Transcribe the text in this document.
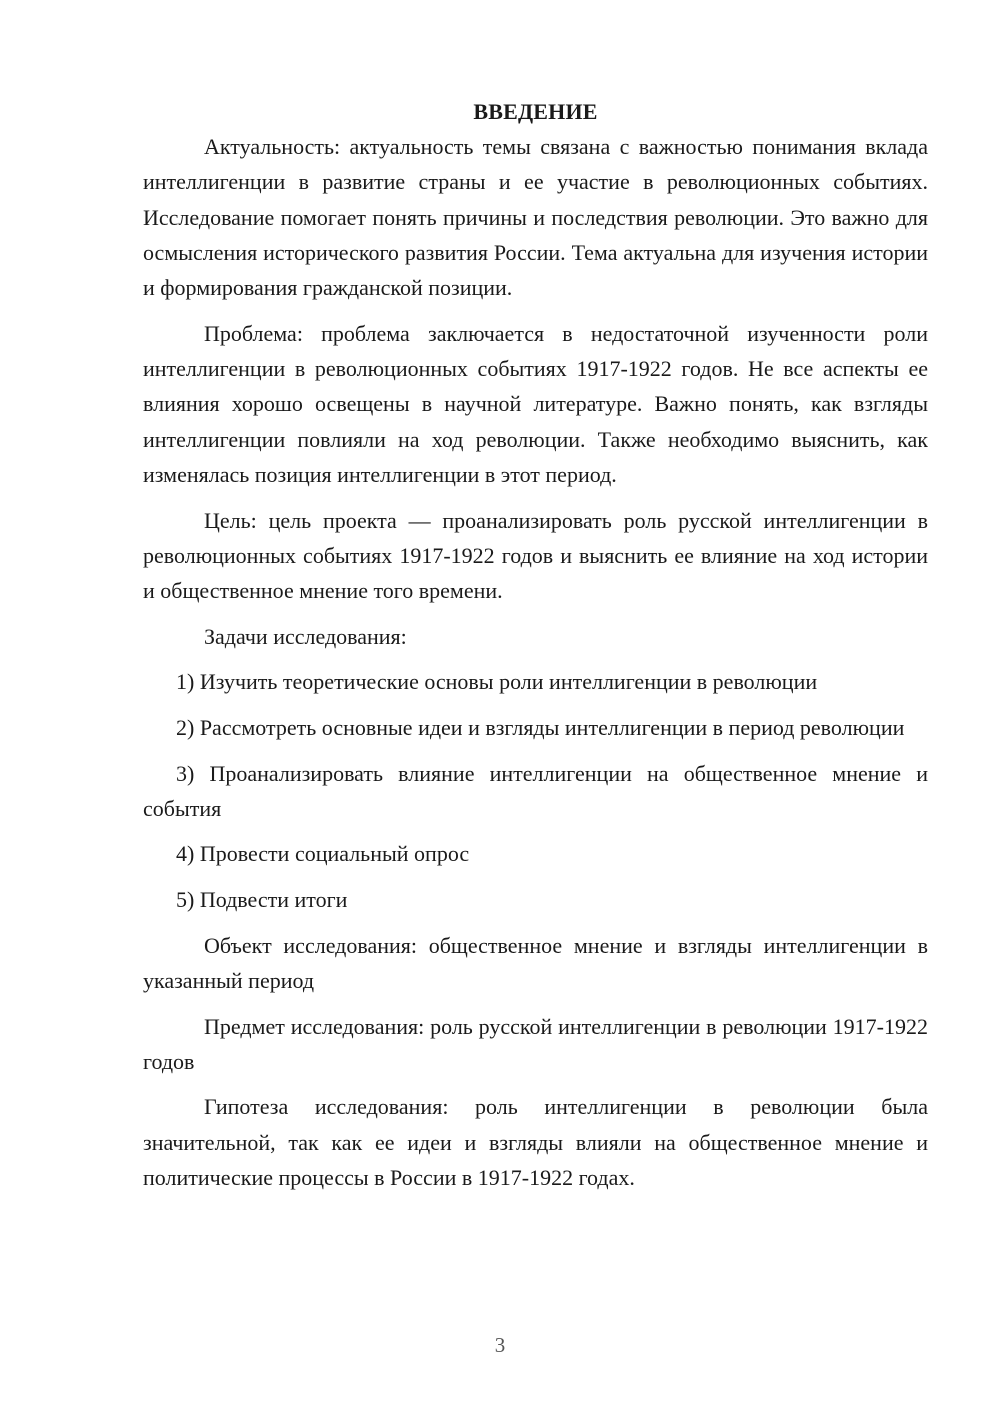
ВВЕДЕНИЕ

Актуальность: актуальность темы связана с важностью понимания вклада интеллигенции в развитие страны и ее участие в революционных событиях. Исследование помогает понять причины и последствия революции. Это важно для осмысления исторического развития России. Тема актуальна для изучения истории и формирования гражданской позиции.

Проблема: проблема заключается в недостаточной изученности роли интеллигенции в революционных событиях 1917-1922 годов. Не все аспекты ее влияния хорошо освещены в научной литературе. Важно понять, как взгляды интеллигенции повлияли на ход революции. Также необходимо выяснить, как изменялась позиция интеллигенции в этот период.

Цель: цель проекта — проанализировать роль русской интеллигенции в революционных событиях 1917-1922 годов и выяснить ее влияние на ход истории и общественное мнение того времени.

Задачи исследования:

1) Изучить теоретические основы роли интеллигенции в революции

2) Рассмотреть основные идеи и взгляды интеллигенции в период революции

3) Проанализировать влияние интеллигенции на общественное мнение и события

4) Провести социальный опрос

5) Подвести итоги

Объект исследования: общественное мнение и взгляды интеллигенции в указанный период

Предмет исследования: роль русской интеллигенции в революции 1917-1922 годов

Гипотеза исследования: роль интеллигенции в революции была значительной, так как ее идеи и взгляды влияли на общественное мнение и политические процессы в России в 1917-1922 годах.

3
